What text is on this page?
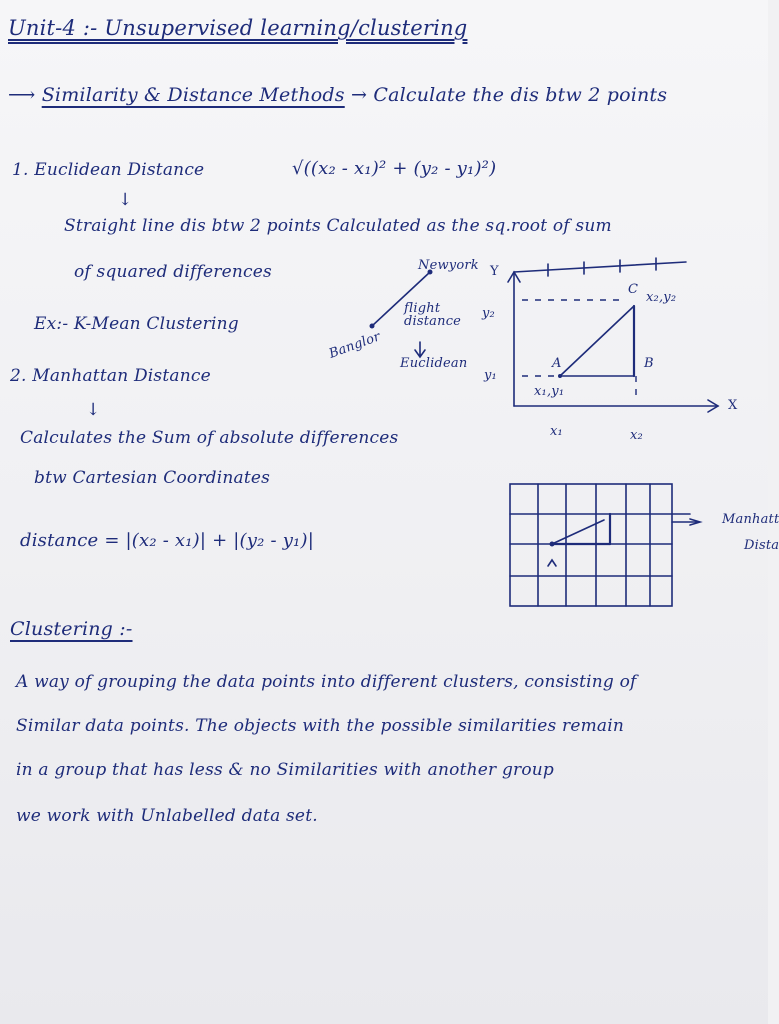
Unit-4 :- Unsupervised learning/clustering
⟶ Similarity & Distance Methods → Calculate the dis btw 2 points
1. Euclidean Distance	√((x₂ - x₁)² + (y₂ - y₁)²)
↓
Straight line dis btw 2 points Calculated as the sq.root of sum
of squared differences
Ex:- K-Mean Clustering
Newyork
Banglor
flight distance
Euclidean
Y
X
y₂
y₁
x₁	x₂
A	B
C
x₁,y₁
x₂,y₂
2. Manhattan Distance
↓
Calculates the Sum of absolute differences
btw Cartesian Coordinates
distance = |(x₂ - x₁)| + |(y₂ - y₁)|
Manhatt
Dista
Clustering :-
A way of grouping the data points into different clusters, consisting of
Similar data points. The objects with the possible similarities remain
in a group that has less & no Similarities with another group
we work with Unlabelled data set.
